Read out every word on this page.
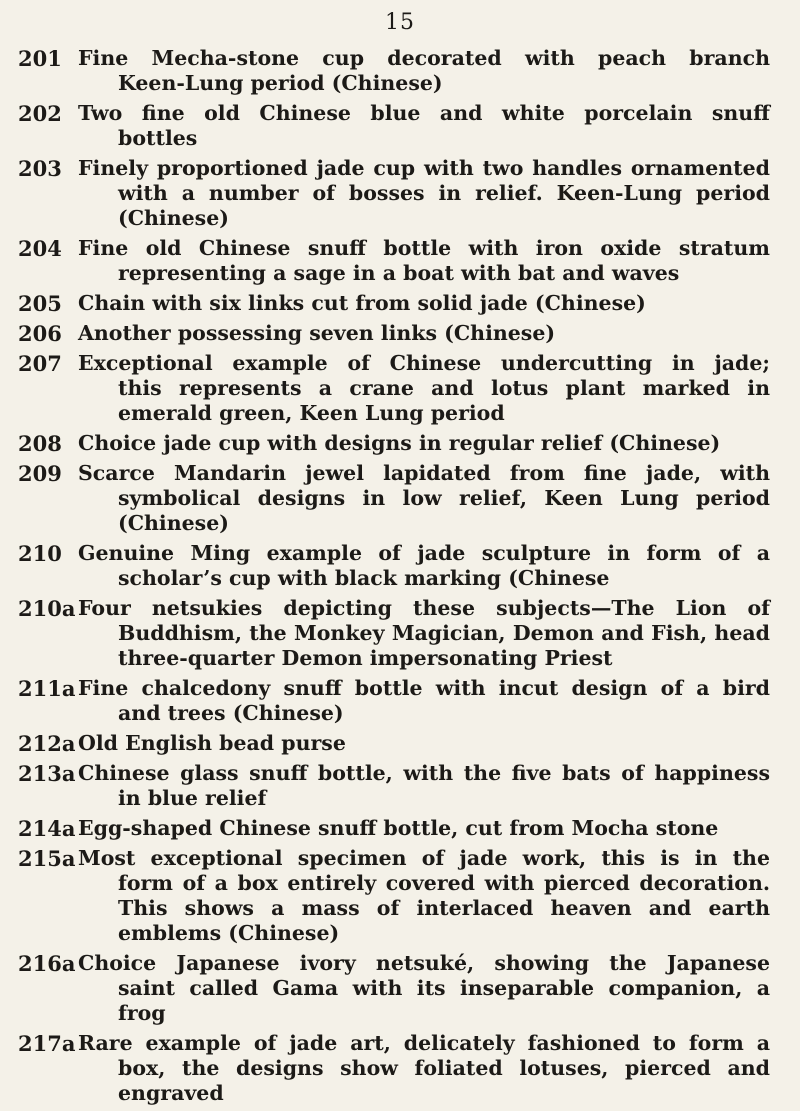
15
201 Fine Mecha-stone cup decorated with peach branch
Keen-Lung period (Chinese)
202 Two fine old Chinese blue and white porcelain snuff
bottles
203 Finely proportioned jade cup with two handles ornamented
with a number of bosses in relief. Keen-Lung period (Chinese)
204 Fine old Chinese snuff bottle with iron oxide stratum
representing a sage in a boat with bat and waves
205 Chain with six links cut from solid jade (Chinese)
206 Another possessing seven links (Chinese)
207 Exceptional example of Chinese undercutting in jade;
this represents a crane and lotus plant marked in emerald green, Keen Lung period
208 Choice jade cup with designs in regular relief (Chinese)
209 Scarce Mandarin jewel lapidated from fine jade, with
symbolical designs in low relief, Keen Lung period (Chinese)
210 Genuine Ming example of jade sculpture in form of a
scholar’s cup with black marking (Chinese
210a Four netsukies depicting these subjects—The Lion of
Buddhism, the Monkey Magician, Demon and Fish, head three-quarter Demon impersonating Priest
211a Fine chalcedony snuff bottle with incut design of a bird
and trees (Chinese)
212a Old English bead purse
213a Chinese glass snuff bottle, with the five bats of happiness
in blue relief
214a Egg-shaped Chinese snuff bottle, cut from Mocha stone
215a Most exceptional specimen of jade work, this is in the
form of a box entirely covered with pierced decoration. This shows a mass of interlaced heaven and earth emblems (Chinese)
216a Choice Japanese ivory netsuké, showing the Japanese
saint called Gama with its inseparable companion, a frog
217a Rare example of jade art, delicately fashioned to form a
box, the designs show foliated lotuses, pierced and engraved
